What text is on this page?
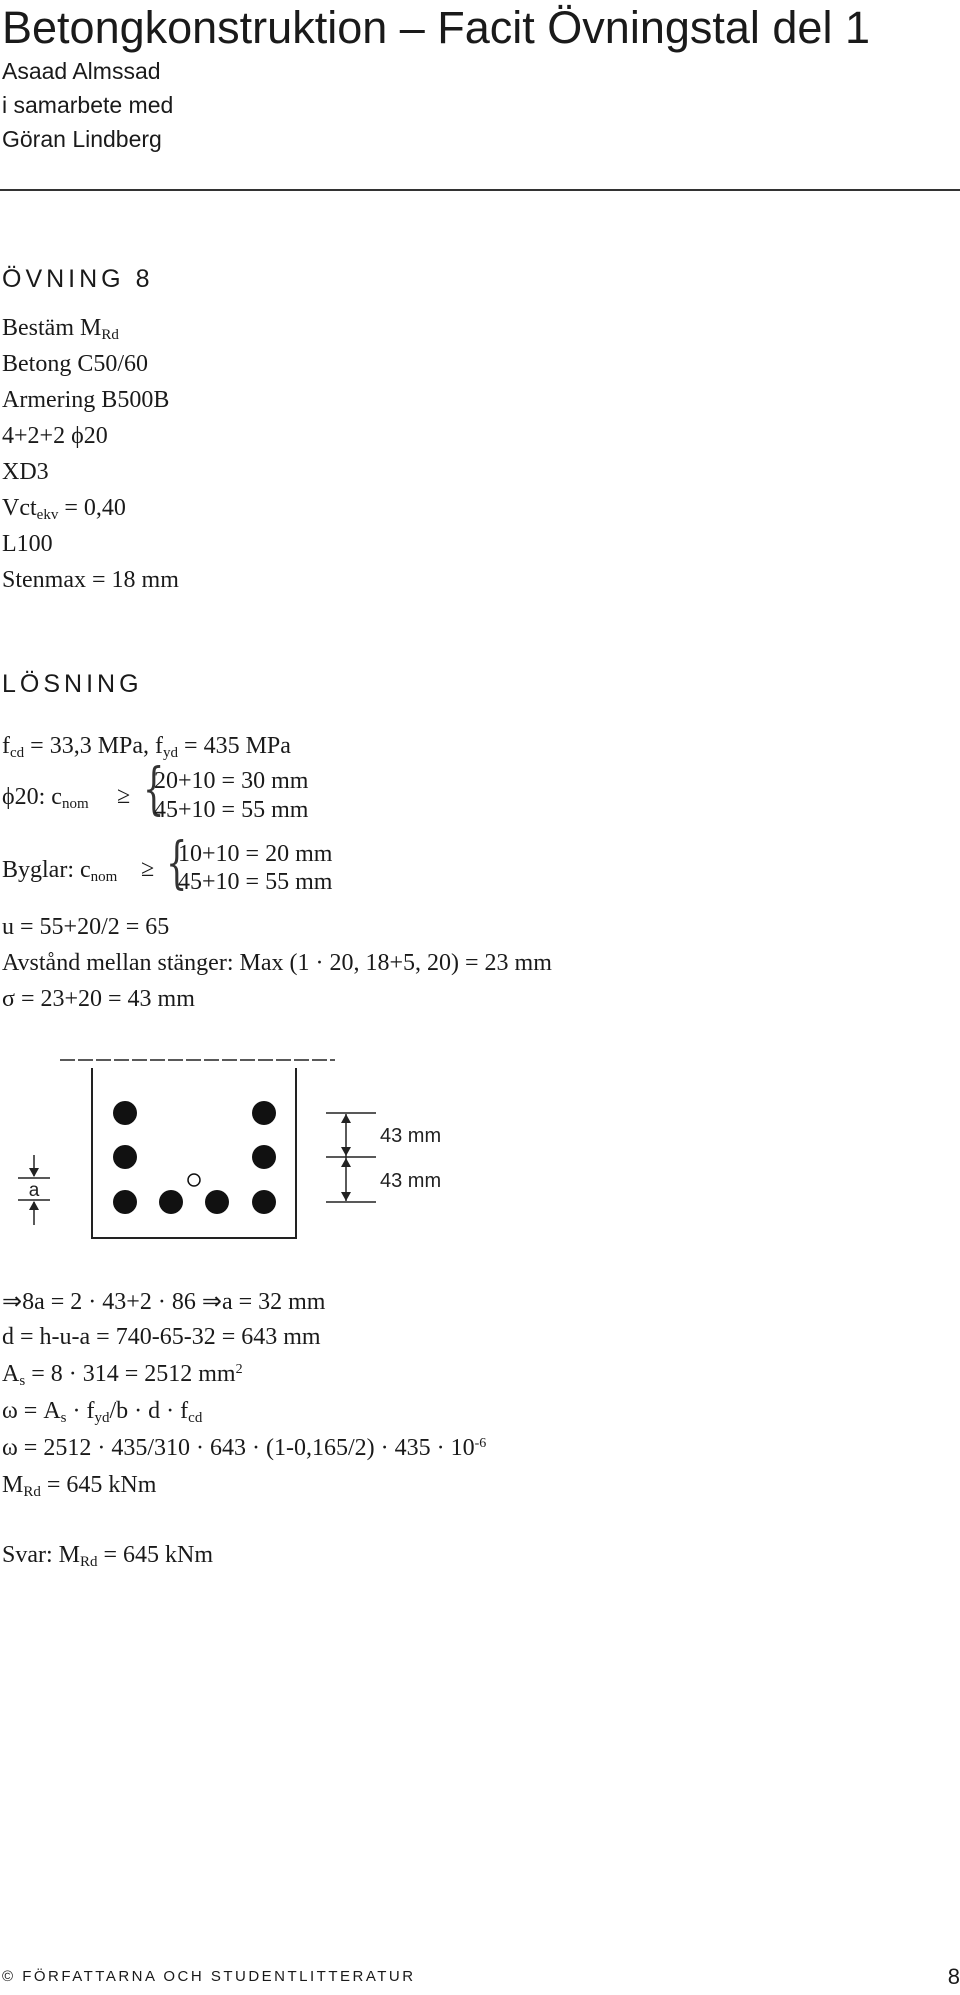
Betongkonstruktion – Facit Övningstal del 1
Asaad Almssad
i samarbete med
Göran Lindberg
ÖVNING 8
Bestäm $M_{Rd}$
Betong C50/60
Armering B500B
4+2+2 ϕ20
XD3
Vct$_{ekv}$ = 0,40
L100
Stenmax = 18 mm
LÖSNING
$f_{cd} = 33,3$ MPa, $f_{yd} = 435$ MPa
ϕ20: $c_{nom}$ ≥ {
20+10 = 30 mm
45+10 = 55 mm
Byglar: $c_{nom}$ ≥ {
10+10 = 20 mm
45+10 = 55 mm
u = 55+20/2 = 65
Avstånd mellan stänger: Max (1 · 20, 18+5, 20) = 23 mm
σ = 23+20 = 43 mm
a
43 mm
43 mm
⇒8a = 2 · 43+2 · 86 ⇒a = 32 mm
d = h-u-a = 740-65-32 = 643 mm
$A_s = 8 \cdot 314 = 2512$ $mm^2$
$\omega = A_s \cdot f_{yd}/b \cdot d \cdot f_{cd}$
$\omega = 2512 \cdot 435/310 \cdot 643 \cdot (1-0,165/2) \cdot 435 \cdot 10^{-6}$
$M_{Rd} = 645$ kNm
Svar: $M_{Rd} = 645$ kNm
© FÖRFATTARNA OCH STUDENTLITTERATUR	8
